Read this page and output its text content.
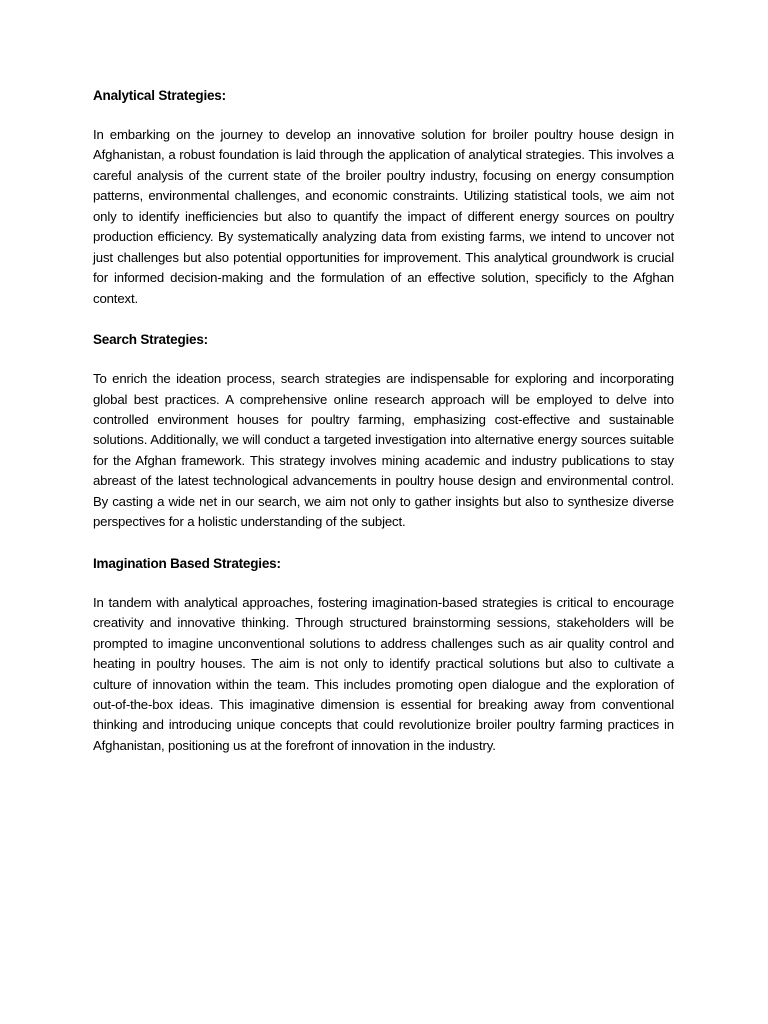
Analytical Strategies:

In embarking on the journey to develop an innovative solution for broiler poultry house design in Afghanistan, a robust foundation is laid through the application of analytical strategies. This involves a careful analysis of the current state of the broiler poultry industry, focusing on energy consumption patterns, environmental challenges, and economic constraints. Utilizing statistical tools, we aim not only to identify inefficiencies but also to quantify the impact of different energy sources on poultry production efficiency. By systematically analyzing data from existing farms, we intend to uncover not just challenges but also potential opportunities for improvement. This analytical groundwork is crucial for informed decision-making and the formulation of an effective solution, specificly to the Afghan context.

Search Strategies:

To enrich the ideation process, search strategies are indispensable for exploring and incorporating global best practices. A comprehensive online research approach will be employed to delve into controlled environment houses for poultry farming, emphasizing cost-effective and sustainable solutions. Additionally, we will conduct a targeted investigation into alternative energy sources suitable for the Afghan framework. This strategy involves mining academic and industry publications to stay abreast of the latest technological advancements in poultry house design and environmental control. By casting a wide net in our search, we aim not only to gather insights but also to synthesize diverse perspectives for a holistic understanding of the subject.

Imagination Based Strategies:

In tandem with analytical approaches, fostering imagination-based strategies is critical to encourage creativity and innovative thinking. Through structured brainstorming sessions, stakeholders will be prompted to imagine unconventional solutions to address challenges such as air quality control and heating in poultry houses. The aim is not only to identify practical solutions but also to cultivate a culture of innovation within the team. This includes promoting open dialogue and the exploration of out-of-the-box ideas. This imaginative dimension is essential for breaking away from conventional thinking and introducing unique concepts that could revolutionize broiler poultry farming practices in Afghanistan, positioning us at the forefront of innovation in the industry.
